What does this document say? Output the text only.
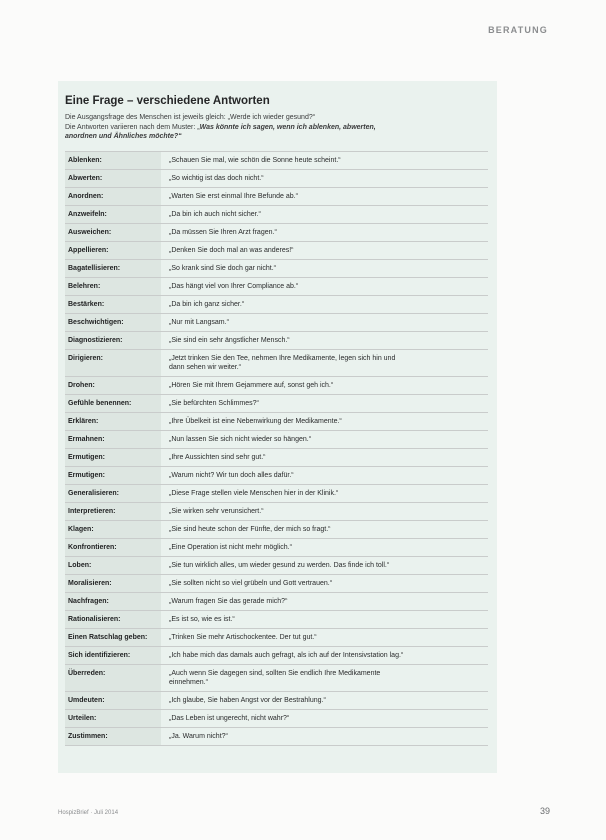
BERATUNG
Eine Frage – verschiedene Antworten
Die Ausgangsfrage des Menschen ist jeweils gleich: „Werde ich wieder gesund?“
Die Antworten variieren nach dem Muster: „Was könnte ich sagen, wenn ich ablenken, abwerten,
anordnen und Ähnliches möchte?“
Ablenken:	„Schauen Sie mal, wie schön die Sonne heute scheint.“
Abwerten:	„So wichtig ist das doch nicht.“
Anordnen:	„Warten Sie erst einmal Ihre Befunde ab.“
Anzweifeln:	„Da bin ich auch nicht sicher.“
Ausweichen:	„Da müssen Sie Ihren Arzt fragen.“
Appellieren:	„Denken Sie doch mal an was anderes!“
Bagatellisieren:	„So krank sind Sie doch gar nicht.“
Belehren:	„Das hängt viel von Ihrer Compliance ab.“
Bestärken:	„Da bin ich ganz sicher.“
Beschwichtigen:	„Nur mit Langsam.“
Diagnostizieren:	„Sie sind ein sehr ängstlicher Mensch.“
Dirigieren:	„Jetzt trinken Sie den Tee, nehmen Ihre Medikamente, legen sich hin und
dann sehen wir weiter.“
Drohen:	„Hören Sie mit Ihrem Gejammere auf, sonst geh ich.“
Gefühle benennen:	„Sie befürchten Schlimmes?“
Erklären:	„Ihre Übelkeit ist eine Nebenwirkung der Medikamente.“
Ermahnen:	„Nun lassen Sie sich nicht wieder so hängen.“
Ermutigen:	„Ihre Aussichten sind sehr gut.“
Ermutigen:	„Warum nicht? Wir tun doch alles dafür.“
Generalisieren:	„Diese Frage stellen viele Menschen hier in der Klinik.“
Interpretieren:	„Sie wirken sehr verunsichert.“
Klagen:	„Sie sind heute schon der Fünfte, der mich so fragt.“
Konfrontieren:	„Eine Operation ist nicht mehr möglich.“
Loben:	„Sie tun wirklich alles, um wieder gesund zu werden. Das finde ich toll.“
Moralisieren:	„Sie sollten nicht so viel grübeln und Gott vertrauen.“
Nachfragen:	„Warum fragen Sie das gerade mich?“
Rationalisieren:	„Es ist so, wie es ist.“
Einen Ratschlag geben:	„Trinken Sie mehr Artischockentee. Der tut gut.“
Sich identifizieren:	„Ich habe mich das damals auch gefragt, als ich auf der Intensivstation lag.“
Überreden:	„Auch wenn Sie dagegen sind, sollten Sie endlich Ihre Medikamente
einnehmen.“
Umdeuten:	„Ich glaube, Sie haben Angst vor der Bestrahlung.“
Urteilen:	„Das Leben ist ungerecht, nicht wahr?“
Zustimmen:	„Ja. Warum nicht?“
HospizBrief · Juli 2014	39
